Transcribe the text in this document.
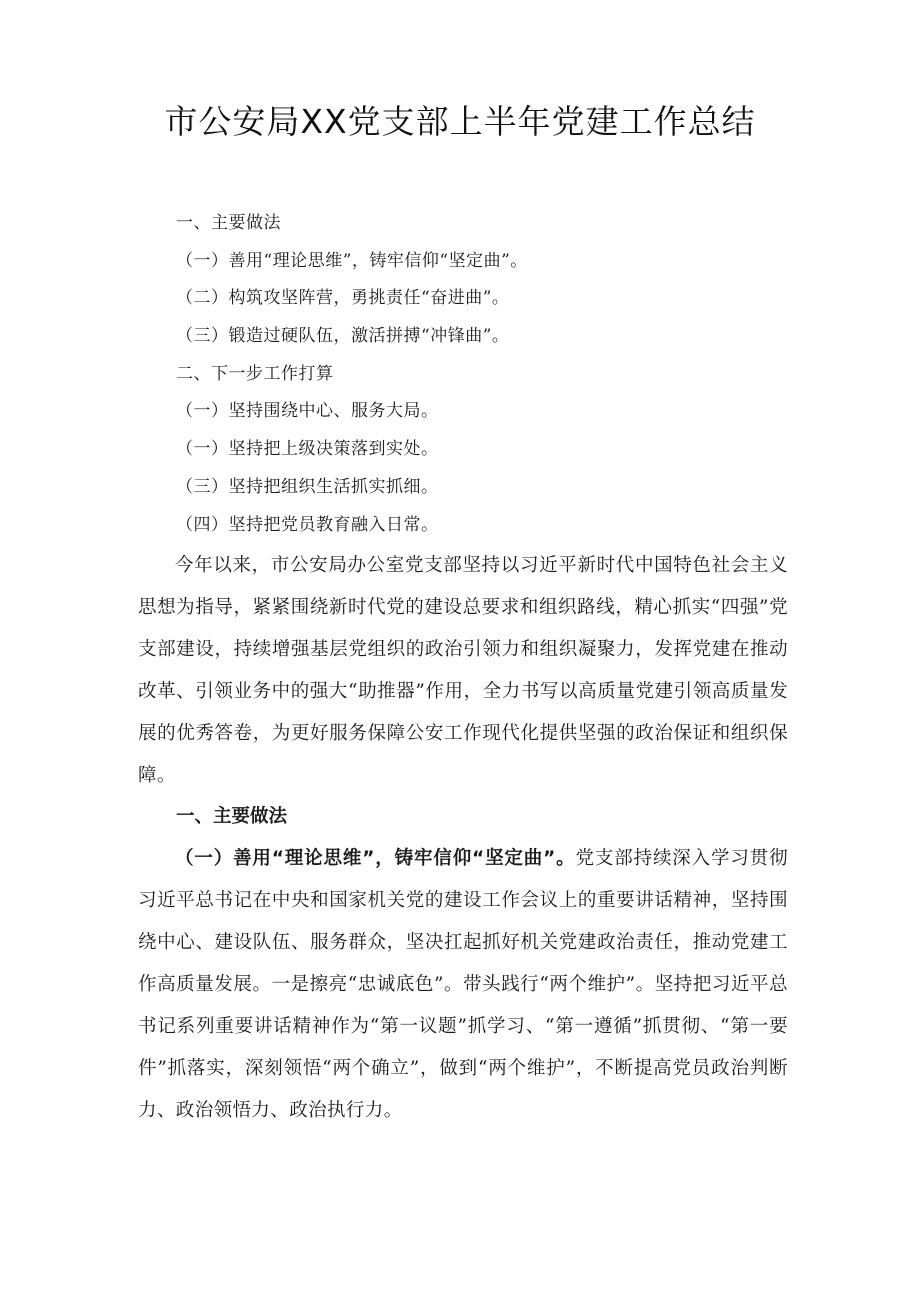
市公安局XX党支部上半年党建工作总结
一、主要做法
（一）善用“理论思维”，铸牢信仰“坚定曲”。
（二）构筑攻坚阵营，勇挑责任“奋进曲”。
（三）锻造过硬队伍，激活拼搏“冲锋曲”。
二、下一步工作打算
（一）坚持围绕中心、服务大局。
（一）坚持把上级决策落到实处。
（三）坚持把组织生活抓实抓细。
（四）坚持把党员教育融入日常。

今年以来，市公安局办公室党支部坚持以习近平新时代中国特色社会主义思想为指导，紧紧围绕新时代党的建设总要求和组织路线，精心抓实“四强”党支部建设，持续增强基层党组织的政治引领力和组织凝聚力，发挥党建在推动改革、引领业务中的强大“助推器”作用，全力书写以高质量党建引领高质量发展的优秀答卷，为更好服务保障公安工作现代化提供坚强的政治保证和组织保障。

一、主要做法

（一）善用“理论思维”，铸牢信仰“坚定曲”。党支部持续深入学习贯彻习近平总书记在中央和国家机关党的建设工作会议上的重要讲话精神，坚持围绕中心、建设队伍、服务群众，坚决扛起抓好机关党建政治责任，推动党建工作高质量发展。一是擦亮“忠诚底色”。带头践行“两个维护”。坚持把习近平总书记系列重要讲话精神作为“第一议题”抓学习、“第一遵循”抓贯彻、“第一要件”抓落实，深刻领悟“两个确立”，做到“两个维护”，不断提高党员政治判断力、政治领悟力、政治执行力。
